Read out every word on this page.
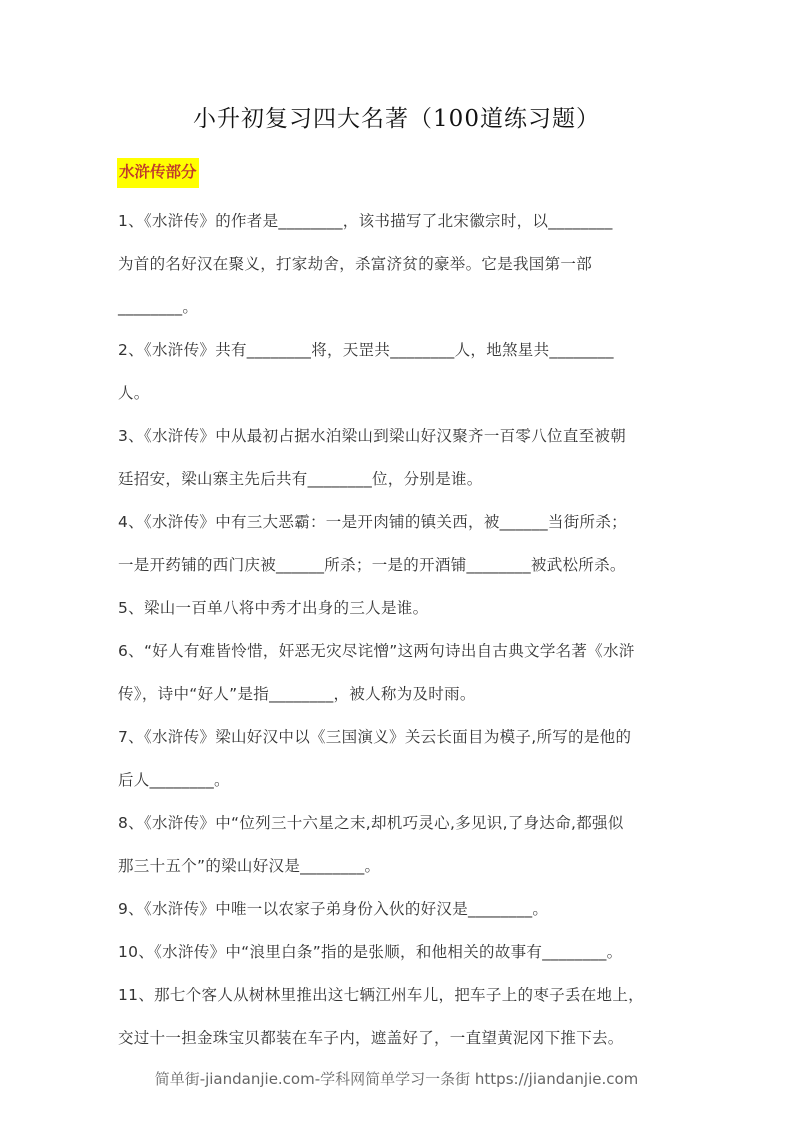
小升初复习四大名著（100道练习题）
水浒传部分

1、《水浒传》的作者是________，该书描写了北宋徽宗时，以________

为首的名好汉在聚义，打家劫舍，杀富济贫的豪举。它是我国第一部

________。

2、《水浒传》共有________将，天罡共________人，地煞星共________

人。

3、《水浒传》中从最初占据水泊梁山到梁山好汉聚齐一百零八位直至被朝

廷招安，梁山寨主先后共有________位，分别是谁。

4、《水浒传》中有三大恶霸：一是开肉铺的镇关西，被______当街所杀；

一是开药铺的西门庆被______所杀；一是的开酒铺________被武松所杀。

5、梁山一百单八将中秀才出身的三人是谁。

6、“好人有难皆怜惜，奸恶无灾尽诧憎”这两句诗出自古典文学名著《水浒

传》，诗中“好人”是指________，被人称为及时雨。

7、《水浒传》梁山好汉中以《三国演义》关云长面目为模子,所写的是他的

后人________。

8、《水浒传》中“位列三十六星之末,却机巧灵心,多见识,了身达命,都强似

那三十五个”的梁山好汉是________。

9、《水浒传》中唯一以农家子弟身份入伙的好汉是________。

10、《水浒传》中“浪里白条”指的是张顺，和他相关的故事有________。

11、那七个客人从树林里推出这七辆江州车儿，把车子上的枣子丢在地上，

交过十一担金珠宝贝都装在车子内，遮盖好了，一直望黄泥冈下推下去。

简单街-jiandanjie.com-学科网简单学习一条街 https://jiandanjie.com
